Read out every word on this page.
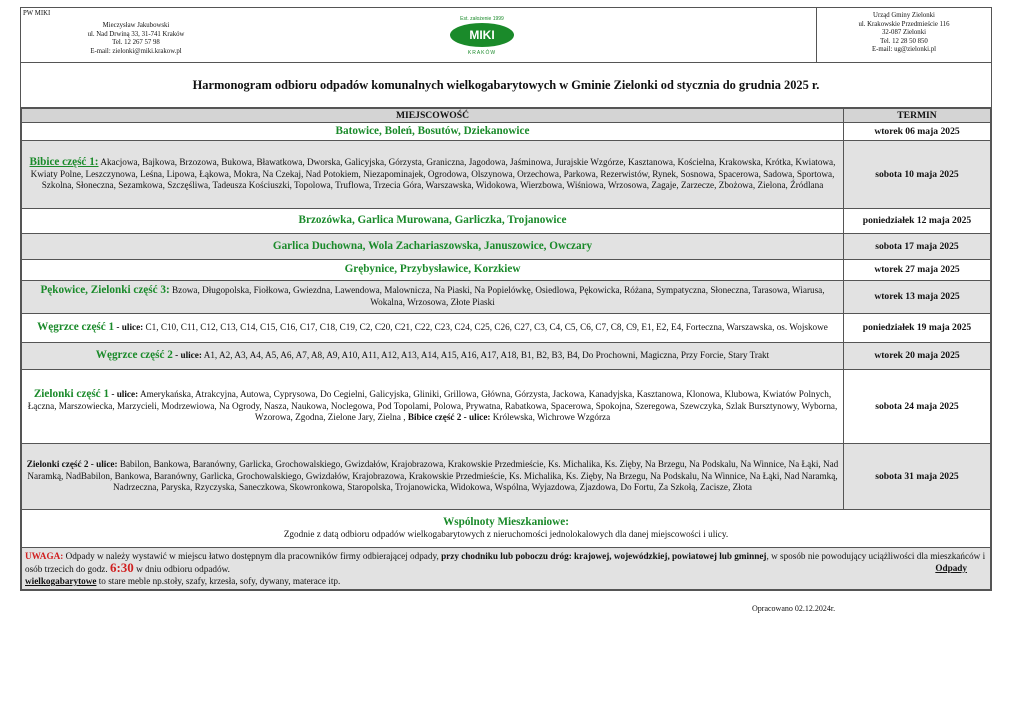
PW MIKI
Mieczysław Jakubowski
ul. Nad Drwiną 33, 31-741 Kraków
Tel. 12 267 57 98
E-mail: zielonki@miki.krakow.pl
MIKI
Est. założenie 1999
KRAKÓW
Urząd Gminy Zielonki
ul. Krakowskie Przedmieście 116
32-087 Zielonki
Tel. 12 28 50 850
E-mail: ug@zielonki.pl
Harmonogram odbioru odpadów komunalnych wielkogabarytowych w Gminie Zielonki od stycznia do grudnia 2025 r.
MIEJSCOWOŚĆ	TERMIN
Batowice, Boleń, Bosutów, Dziekanowice	wtorek 06 maja 2025
Bibice część 1: Akacjowa, Bajkowa, Brzozowa, Bukowa, Bławatkowa, Dworska, Galicyjska, Górzysta, Graniczna, Jagodowa, Jaśminowa, Jurajskie Wzgórze, Kasztanowa, Kościelna, Krakowska, Krótka, Kwiatowa, Kwiaty Polne, Leszczynowa, Leśna, Lipowa, Łąkowa, Mokra, Na Czekaj, Nad Potokiem, Niezapominajek, Ogrodowa, Olszynowa, Orzechowa, Parkowa, Rezerwistów, Rynek, Sosnowa, Spacerowa, Sadowa, Sportowa, Szkolna, Słoneczna, Sezamkowa, Szczęśliwa, Tadeusza Kościuszki, Topolowa, Truflowa, Trzecia Góra, Warszawska, Widokowa, Wierzbowa, Wiśniowa, Wrzosowa, Zagaje, Zarzecze, Zbożowa, Zielona, Źródlana	sobota 10 maja 2025
Brzozówka, Garlica Murowana, Garliczka, Trojanowice	poniedziałek 12 maja 2025
Garlica Duchowna, Wola Zachariaszowska, Januszowice, Owczary	sobota 17 maja 2025
Grębynice, Przybysławice, Korzkiew	wtorek 27 maja 2025
Pękowice, Zielonki część 3: Bzowa, Długopolska, Fiołkowa, Gwiezdna, Lawendowa, Malownicza, Na Piaski, Na Popielówkę, Osiedlowa, Pękowicka, Różana, Sympatyczna, Słoneczna, Tarasowa, Wiarusa, Wokalna, Wrzosowa, Złote Piaski	wtorek 13 maja 2025
Węgrzce część 1 - ulice: C1, C10, C11, C12, C13, C14, C15, C16, C17, C18, C19, C2, C20, C21, C22, C23, C24, C25, C26, C27, C3, C4, C5, C6, C7, C8, C9, E1, E2, E4, Forteczna, Warszawska, os. Wojskowe	poniedziałek 19 maja 2025
Węgrzce część 2 - ulice: A1, A2, A3, A4, A5, A6, A7, A8, A9, A10, A11, A12, A13, A14, A15, A16, A17, A18, B1, B2, B3, B4, Do Prochowni, Magiczna, Przy Forcie, Stary Trakt	wtorek 20 maja 2025
Zielonki część 1 - ulice: Amerykańska, Atrakcyjna, Autowa, Cyprysowa, Do Cegielni, Galicyjska, Gliniki, Grillowa, Główna, Górzysta, Jackowa, Kanadyjska, Kasztanowa, Klonowa, Klubowa, Kwiatów Polnych, Łączna, Marszowiecka, Marzycieli, Modrzewiowa, Na Ogrody, Nasza, Naukowa, Noclegowa, Pod Topolami, Polowa, Prywatna, Rabatkowa, Spacerowa, Spokojna, Szeregowa, Szewczyka, Szlak Bursztynowy, Wyborna, Wzorowa, Zgodna, Zielone Jary, Zielna , Bibice część 2 - ulice: Królewska, Wichrowe Wzgórza	sobota 24 maja 2025
Zielonki część 2 - ulice: Babilon, Bankowa, Baranówny, Garlicka, Grochowalskiego, Gwizdałów, Krajobrazowa, Krakowskie Przedmieście, Ks. Michalika, Ks. Zięby, Na Brzegu, Na Podskalu, Na Winnice, Na Łąki, Nad Naramką, NadBabilon, Bankowa, Baranówny, Garlicka, Grochowalskiego, Gwizdałów, Krajobrazowa, Krakowskie Przedmieście, Ks. Michalika, Ks. Zięby, Na Brzegu, Na Podskalu, Na Winnice, Na Łąki, Nad Naramką, Nadrzeczna, Paryska, Rzyczyska, Saneczkowa, Skowronkowa, Staropolska, Trojanowicka, Widokowa, Wspólna, Wyjazdowa, Zjazdowa, Do Fortu, Za Szkołą, Zacisze, Złota	sobota 31 maja 2025

Wspólnoty Mieszkaniowe:
Zgodnie z datą odbioru odpadów wielkogabarytowych z nieruchomości jednolokalowych dla danej miejscowości i ulicy.	

UWAGA: Odpady w należy wystawić w miejscu łatwo dostępnym dla pracowników firmy odbierającej odpady, przy chodniku lub poboczu dróg: krajowej, wojewódzkiej, powiatowej lub gminnej, w sposób nie powodujący uciążliwości dla mieszkańców i osób trzecich do godz. 6:30 w dniu odbioru odpadów. Odpady

wielkogabarytowe to stare meble np.stoły, szafy, krzesła, sofy, dywany, materace itp.	
Opracowano 02.12.2024r.
